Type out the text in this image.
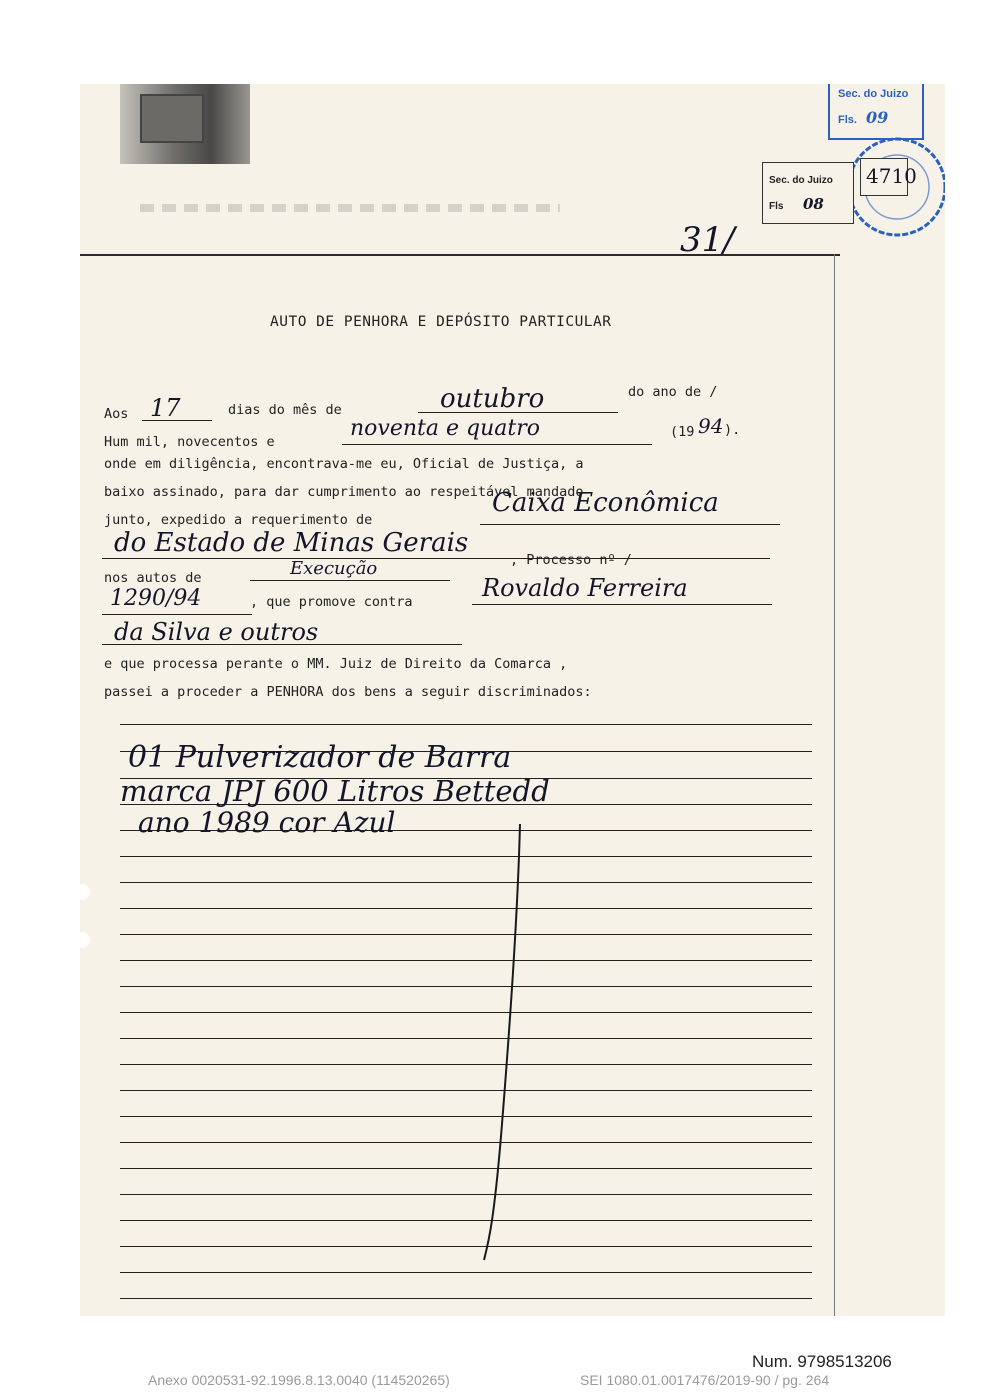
Sec. do Juizo
Fls. 09
Sec. do Juizo
Fls 08
4710
31/
AUTO DE PENHORA E DEPÓSITO PARTICULAR
Aos 17	dias do mês de	outubro	do ano de /
Hum mil, novecentos e
noventa e quatro	(19 94 ).
onde em diligência, encontrava-me eu, Oficial de Justiça, a
baixo assinado, para dar cumprimento ao respeitável mandado
junto, expedido a requerimento de
Caixa Econômica
do Estado de Minas Gerais
nos autos de	Execução	, Processo nº /
1290/94	, que promove contra	Rovaldo Ferreira
da Silva e outros
e que processa perante o MM. Juiz de Direito da Comarca ,
passei a proceder a PENHORA dos bens a seguir discriminados:
01 Pulverizador de Barra
marca JPJ 600 Litros Bettedd
ano 1989 cor Azul
Num. 9798513206
Anexo 0020531-92.1996.8.13.0040 (114520265)	SEI 1080.01.0017476/2019-90 / pg. 264
